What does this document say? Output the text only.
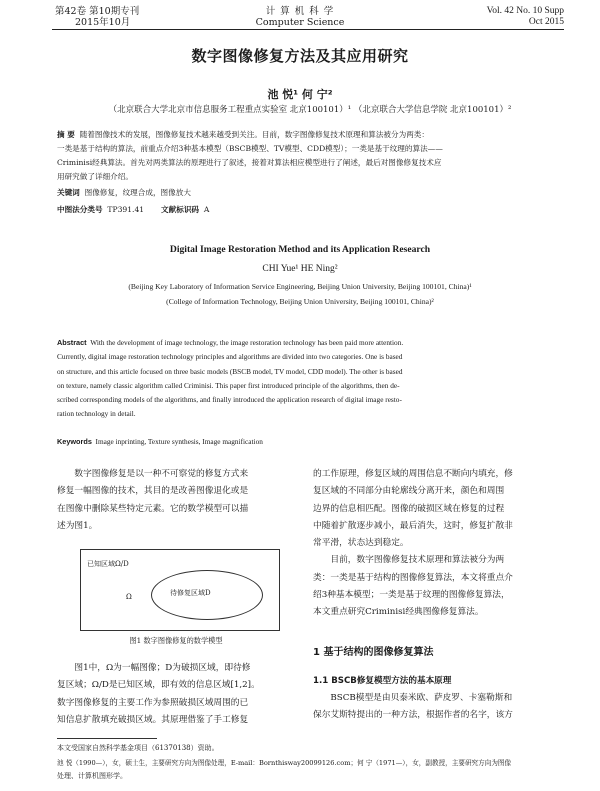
第42卷 第10期专刊
2015年10月
计 算 机 科 学
Computer Science
Vol. 42 No. 10 Supp
Oct 2015
数字图像修复方法及其应用研究
池 悦¹ 何 宁²
（北京联合大学北京市信息服务工程重点实验室 北京100101）¹ （北京联合大学信息学院 北京100101）²
摘 要 随着图像技术的发展，图像修复技术越来越受到关注。目前，数字图像修复技术原理和算法被分为两类：
一类是基于结构的算法，前重点介绍3种基本模型（BSCB模型、TV模型、CDD模型）；一类是基于纹理的算法——
Criminisi经典算法。首先对两类算法的原理进行了叙述，接着对算法相应模型进行了阐述，最后对图像修复技术应
用研究做了详细介绍。
关键词 图像修复，纹理合成，图像放大
中图法分类号 TP391.41 文献标识码 A
Digital Image Restoration Method and its Application Research
CHI Yue¹ HE Ning²
(Beijing Key Laboratory of Information Service Engineering, Beijing Union University, Beijing 100101, China)¹
(College of Information Technology, Beijing Union University, Beijing 100101, China)²
Abstract With the development of image technology, the image restoration technology has been paid more attention.
Currently, digital image restoration technology principles and algorithms are divided into two categories. One is based
on structure, and this article focused on three basic models (BSCB model, TV model, CDD model). The other is based
on texture, namely classic algorithm called Criminisi. This paper first introduced principle of the algorithms, then de-
scribed corresponding models of the algorithms, and finally introduced the application research of digital image resto-
ration technology in detail.
Keywords Image inprinting, Texture synthesis, Image magnification
数字图像修复是以一种不可察觉的修复方式来
修复一幅图像的技术，其目的是改善图像退化或是
在图像中删除某些特定元素。它的数学模型可以描
述为图1。
已知区域Ω/D
Ω	待修复区域D
图1 数字图像修复的数学模型
图1中，Ω为一幅图像；D为破损区域，即待修
复区域；Ω/D是已知区域，即有效的信息区域[1,2]。
数字图像修复的主要工作为参照破损区域周围的已
知信息扩散填充破损区域。其原理借鉴了手工修复
的工作原理，修复区域的周围信息不断向内填充，修
复区域的不同部分由轮廓线分离开来，颜色和周围
边界的信息相匹配。图像的破损区域在修复的过程
中随着扩散逐步减小，最后消失，这时，修复扩散非
常平滑，状态达到稳定。
目前，数字图像修复技术原理和算法被分为两
类：一类是基于结构的图像修复算法，本文将重点介
绍3种基本模型；一类是基于纹理的图像修复算法，
本文重点研究Criminisi经典图像修复算法。
1 基于结构的图像修复算法
1.1 BSCB修复模型方法的基本原理
BSCB模型是由贝泰米欧、萨皮罗、卡塞勒斯和
保尔艾斯特提出的一种方法，根据作者的名字，该方
本文受国家自然科学基金项目（61370138）资助。
池 悦（1990—），女，硕士生，主要研究方向为图像处理，E-mail：Bornthisway20099126.com；何 宁（1971—），女，副教授，主要研究方向为图像
处理、计算机图形学。
